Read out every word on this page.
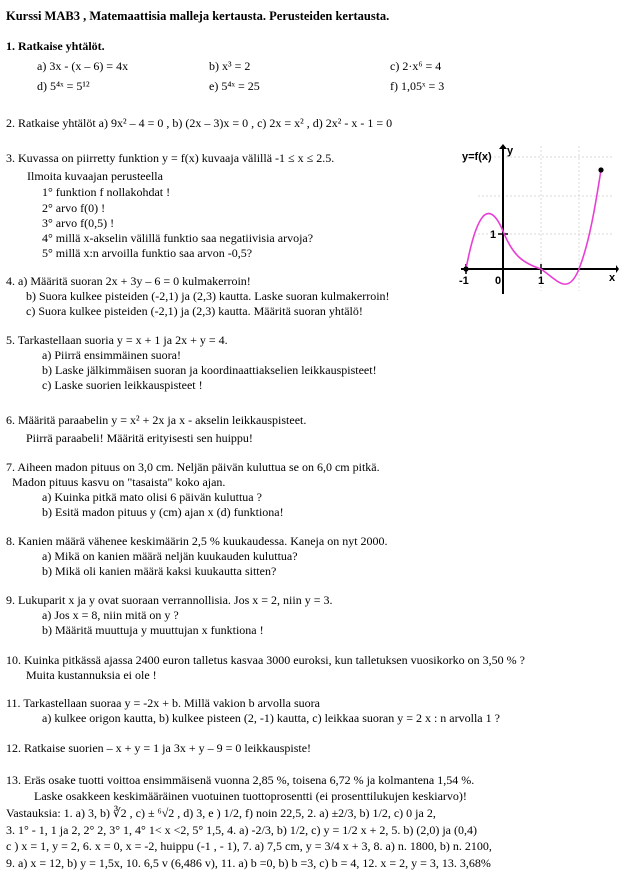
Kurssi MAB3 , Matemaattisia malleja kertausta. Perusteiden kertausta.
1. Ratkaise yhtälöt.
a) 3x - (x – 6) = 4x	b) x³ = 2	c) 2·x⁶ = 4
d) 5⁴ˣ = 5¹²	e) 5⁴ˣ = 25	f) 1,05ˣ = 3
2. Ratkaise yhtälöt a) 9x² – 4 = 0 , b) (2x – 3)x = 0 , c) 2x = x² , d) 2x² - x - 1 = 0
3. Kuvassa on piirretty funktion y = f(x) kuvaaja välillä -1 ≤ x ≤ 2.5.
Ilmoita kuvaajan perusteella
1° funktion f nollakohdat !
2° arvo f(0) !
3° arvo f(0,5) !
4° millä x-akselin välillä funktio saa negatiivisia arvoja?
5° millä x:n arvoilla funktio saa arvon -0,5?
y=f(x) y
x
1
-1 0	1
4. a) Määritä suoran 2x + 3y – 6 = 0 kulmakerroin!
b) Suora kulkee pisteiden (-2,1) ja (2,3) kautta. Laske suoran kulmakerroin!
c) Suora kulkee pisteiden (-2,1) ja (2,3) kautta. Määritä suoran yhtälö!
5. Tarkastellaan suoria y = x + 1 ja 2x + y = 4.
a) Piirrä ensimmäinen suora!
b) Laske jälkimmäisen suoran ja koordinaattiakselien leikkauspisteet!
c) Laske suorien leikkauspisteet !
6. Määritä paraabelin y = x² + 2x ja x - akselin leikkauspisteet.
Piirrä paraabeli! Määritä erityisesti sen huippu!
7. Aiheen madon pituus on 3,0 cm. Neljän päivän kuluttua se on 6,0 cm pitkä.
Madon pituus kasvu on "tasaista" koko ajan.
a) Kuinka pitkä mato olisi 6 päivän kuluttua ?
b) Esitä madon pituus y (cm) ajan x (d) funktiona!
8. Kanien määrä vähenee keskimäärin 2,5 % kuukaudessa. Kaneja on nyt 2000.
a) Mikä on kanien määrä neljän kuukauden kuluttua?
b) Mikä oli kanien määrä kaksi kuukautta sitten?
9. Lukuparit x ja y ovat suoraan verrannollisia. Jos x = 2, niin y = 3.
a) Jos x = 8, niin mitä on y ?
b) Määritä muuttuja y muuttujan x funktiona !
10. Kuinka pitkässä ajassa 2400 euron talletus kasvaa 3000 euroksi, kun talletuksen vuosikorko on 3,50 % ?
Muita kustannuksia ei ole !
11. Tarkastellaan suoraa y = -2x + b. Millä vakion b arvolla suora
a) kulkee origon kautta, b) kulkee pisteen (2, -1) kautta, c) leikkaa suoran y = 2 x : n arvolla 1 ?
12. Ratkaise suorien – x + y = 1 ja 3x + y – 9 = 0 leikkauspiste!
13. Eräs osake tuotti voittoa ensimmäisenä vuonna 2,85 %, toisena 6,72 % ja kolmantena 1,54 %.
Laske osakkeen keskimääräinen vuotuinen tuottoprosentti (ei prosenttilukujen keskiarvo)!
Vastauksia: 1. a) 3, b) ∛2 , c) ± ⁶√2 , d) 3, e ) 1/2, f) noin 22,5, 2. a) ±2/3, b) 1/2, c) 0 ja 2,
3. 1° - 1, 1 ja 2, 2° 2, 3° 1, 4° 1< x <2, 5° 1,5, 4. a) -2/3, b) 1/2, c) y = 1/2 x + 2, 5. b) (2,0) ja (0,4)
c ) x = 1, y = 2, 6. x = 0, x = -2, huippu (-1 , - 1), 7. a) 7,5 cm, y = 3/4 x + 3, 8. a) n. 1800, b) n. 2100,
9. a) x = 12, b) y = 1,5x, 10. 6,5 v (6,486 v), 11. a) b =0, b) b =3, c) b = 4, 12. x = 2, y = 3, 13. 3,68%
